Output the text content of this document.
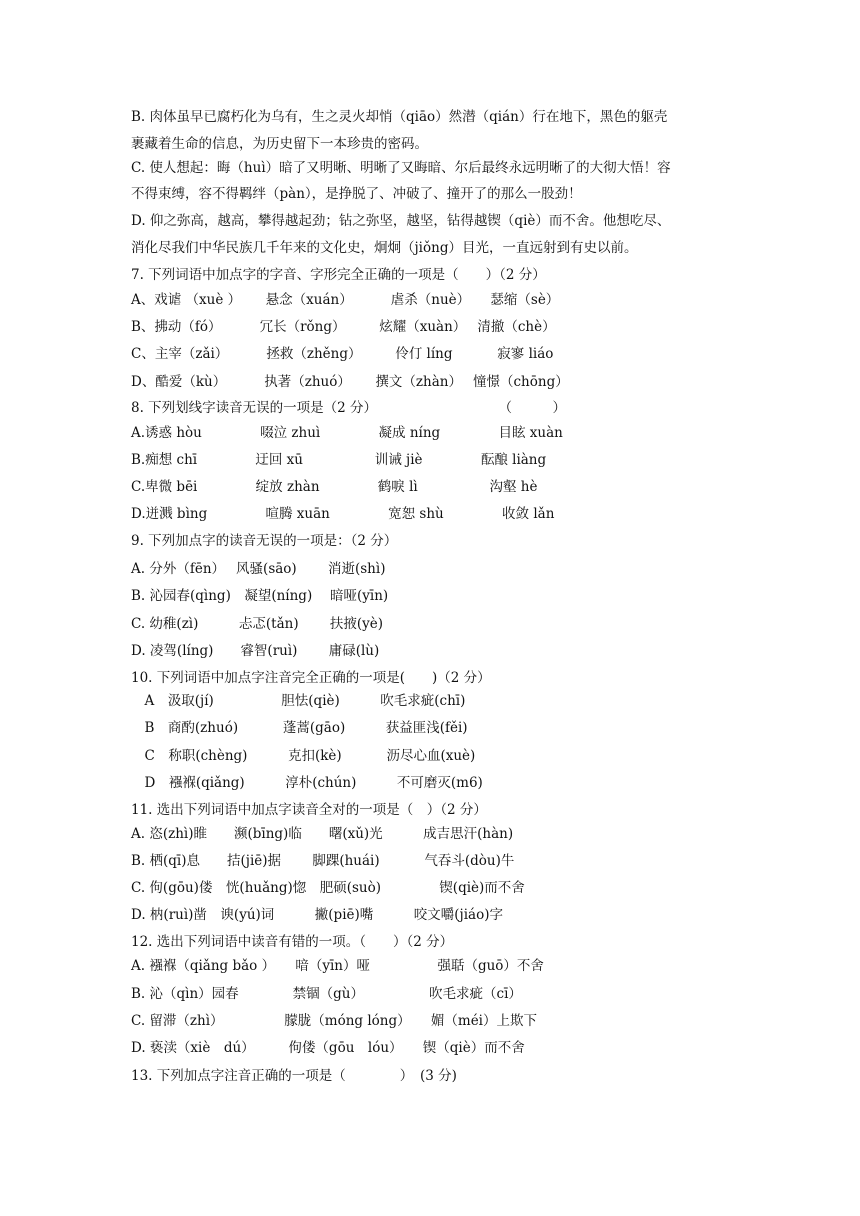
B. 肉体虽早已腐朽化为乌有，生之灵火却悄（qiāo）然潜（qián）行在地下，黑色的躯壳
裹藏着生命的信息，为历史留下一本珍贵的密码。
C. 使人想起：晦（huì）暗了又明晰、明晰了又晦暗、尔后最终永远明晰了的大彻大悟！容
不得束缚，容不得羁绊（pàn），是挣脱了、冲破了、撞开了的那么一股劲！
D. 仰之弥高，越高，攀得越起劲；钻之弥坚，越坚，钻得越锲（qiè）而不舍。他想吃尽、
消化尽我们中华民族几千年来的文化史，炯炯（jiǒng）目光，一直远射到有史以前。
7. 下列词语中加点字的字音、字形完全正确的一项是（　　）（2 分）
A、戏谑 （xuè ）　　 悬念（xuán）　　　 虐杀（nuè）　　瑟缩（sè）
B、拂动（fó）　　　 冗长（rǒng）　　　炫耀（xuàn）　 清撤（chè）
C、主宰（zǎi）　　　 拯救（zhěng）　　　伶仃 líng　　　 寂寥 liáo
D、酷爱（kù）　　　 执著（zhuó）　　 撰文（zhàn）　 憧憬（chōng）
8. 下列划线字读音无误的一项是（2 分）　　　　　　　　　　（　　　）
A.诱惑 hòu　　　　 啜泣 zhuì　　　　 凝成 níng　　　　 目眩 xuàn
B.痴想 chī　　　　 迂回 xū　　　　　 训诫 jiè　　　　 酝酿 liàng
C.卑微 bēi　　　　 绽放 zhàn　　　　 鹤唳 lì　　　　　 沟壑 hè
D.迸溅 bìng　　　　 喧腾 xuān　　　　 宽恕 shù　　　　 收敛 lǎn
9. 下列加点字的读音无误的一项是：（2 分）
A. 分外（fēn）　 风骚(sāo)　　 消逝(shì)
B. 沁园春(qìng)　凝望(níng)　 暗哑(yīn)
C. 幼稚(zì)　　　忐忑(tǎn)　　 扶掖(yè)
D. 凌驾(líng)　　睿智(ruì)　　 庸碌(lù)
10. 下列词语中加点字注音完全正确的一项是(　　)（2 分）
　A　汲取(jí)　　　　　胆怯(qiè)　　　吹毛求疵(chī)
　B　商酌(zhuó)　　　 蓬蒿(gāo)　　　获益匪浅(fěi)
　C　称职(chèng)　　　克扣(kè)　　　 沥尽心血(xuè)
　D　襁褓(qiǎng)　　　淳朴(chún)　　　不可磨灭(m6)
11. 选出下列词语中加点字读音全对的一项是（　）（2 分）
A. 恣(zhì)睢　　濒(bīng)临　　曙(xǔ)光　　　成吉思汗(hàn)
B. 栖(qī)息　　拮(jiē)据　　 脚踝(huái)　　　 气吞斗(dòu)牛
C. 佝(gōu)偻　恍(huǎng)惚　肥硕(suò)　　　　 锲(qiè)而不舍
D. 枘(ruì)凿　谀(yú)词　　　撇(piē)嘴　　　咬文嚼(jiáo)字
12. 选出下列词语中读音有错的一项。（　　）（2 分）
A. 襁褓（qiǎng bǎo ）　　喑（yīn）哑　　　　　强聒（guō）不舍
B. 沁（qìn）园春　　　　禁锢（gù）　　　　　 吹毛求疵（cī）
C. 留滞（zhì）　　　　　朦胧（móng lóng）　　媚（méi）上欺下
D. 亵渎（xiè　dú）　　　佝偻（gōu　lóu）　　锲（qiè）而不舍
13. 下列加点字注音正确的一项是（　　　　）　(3 分)
